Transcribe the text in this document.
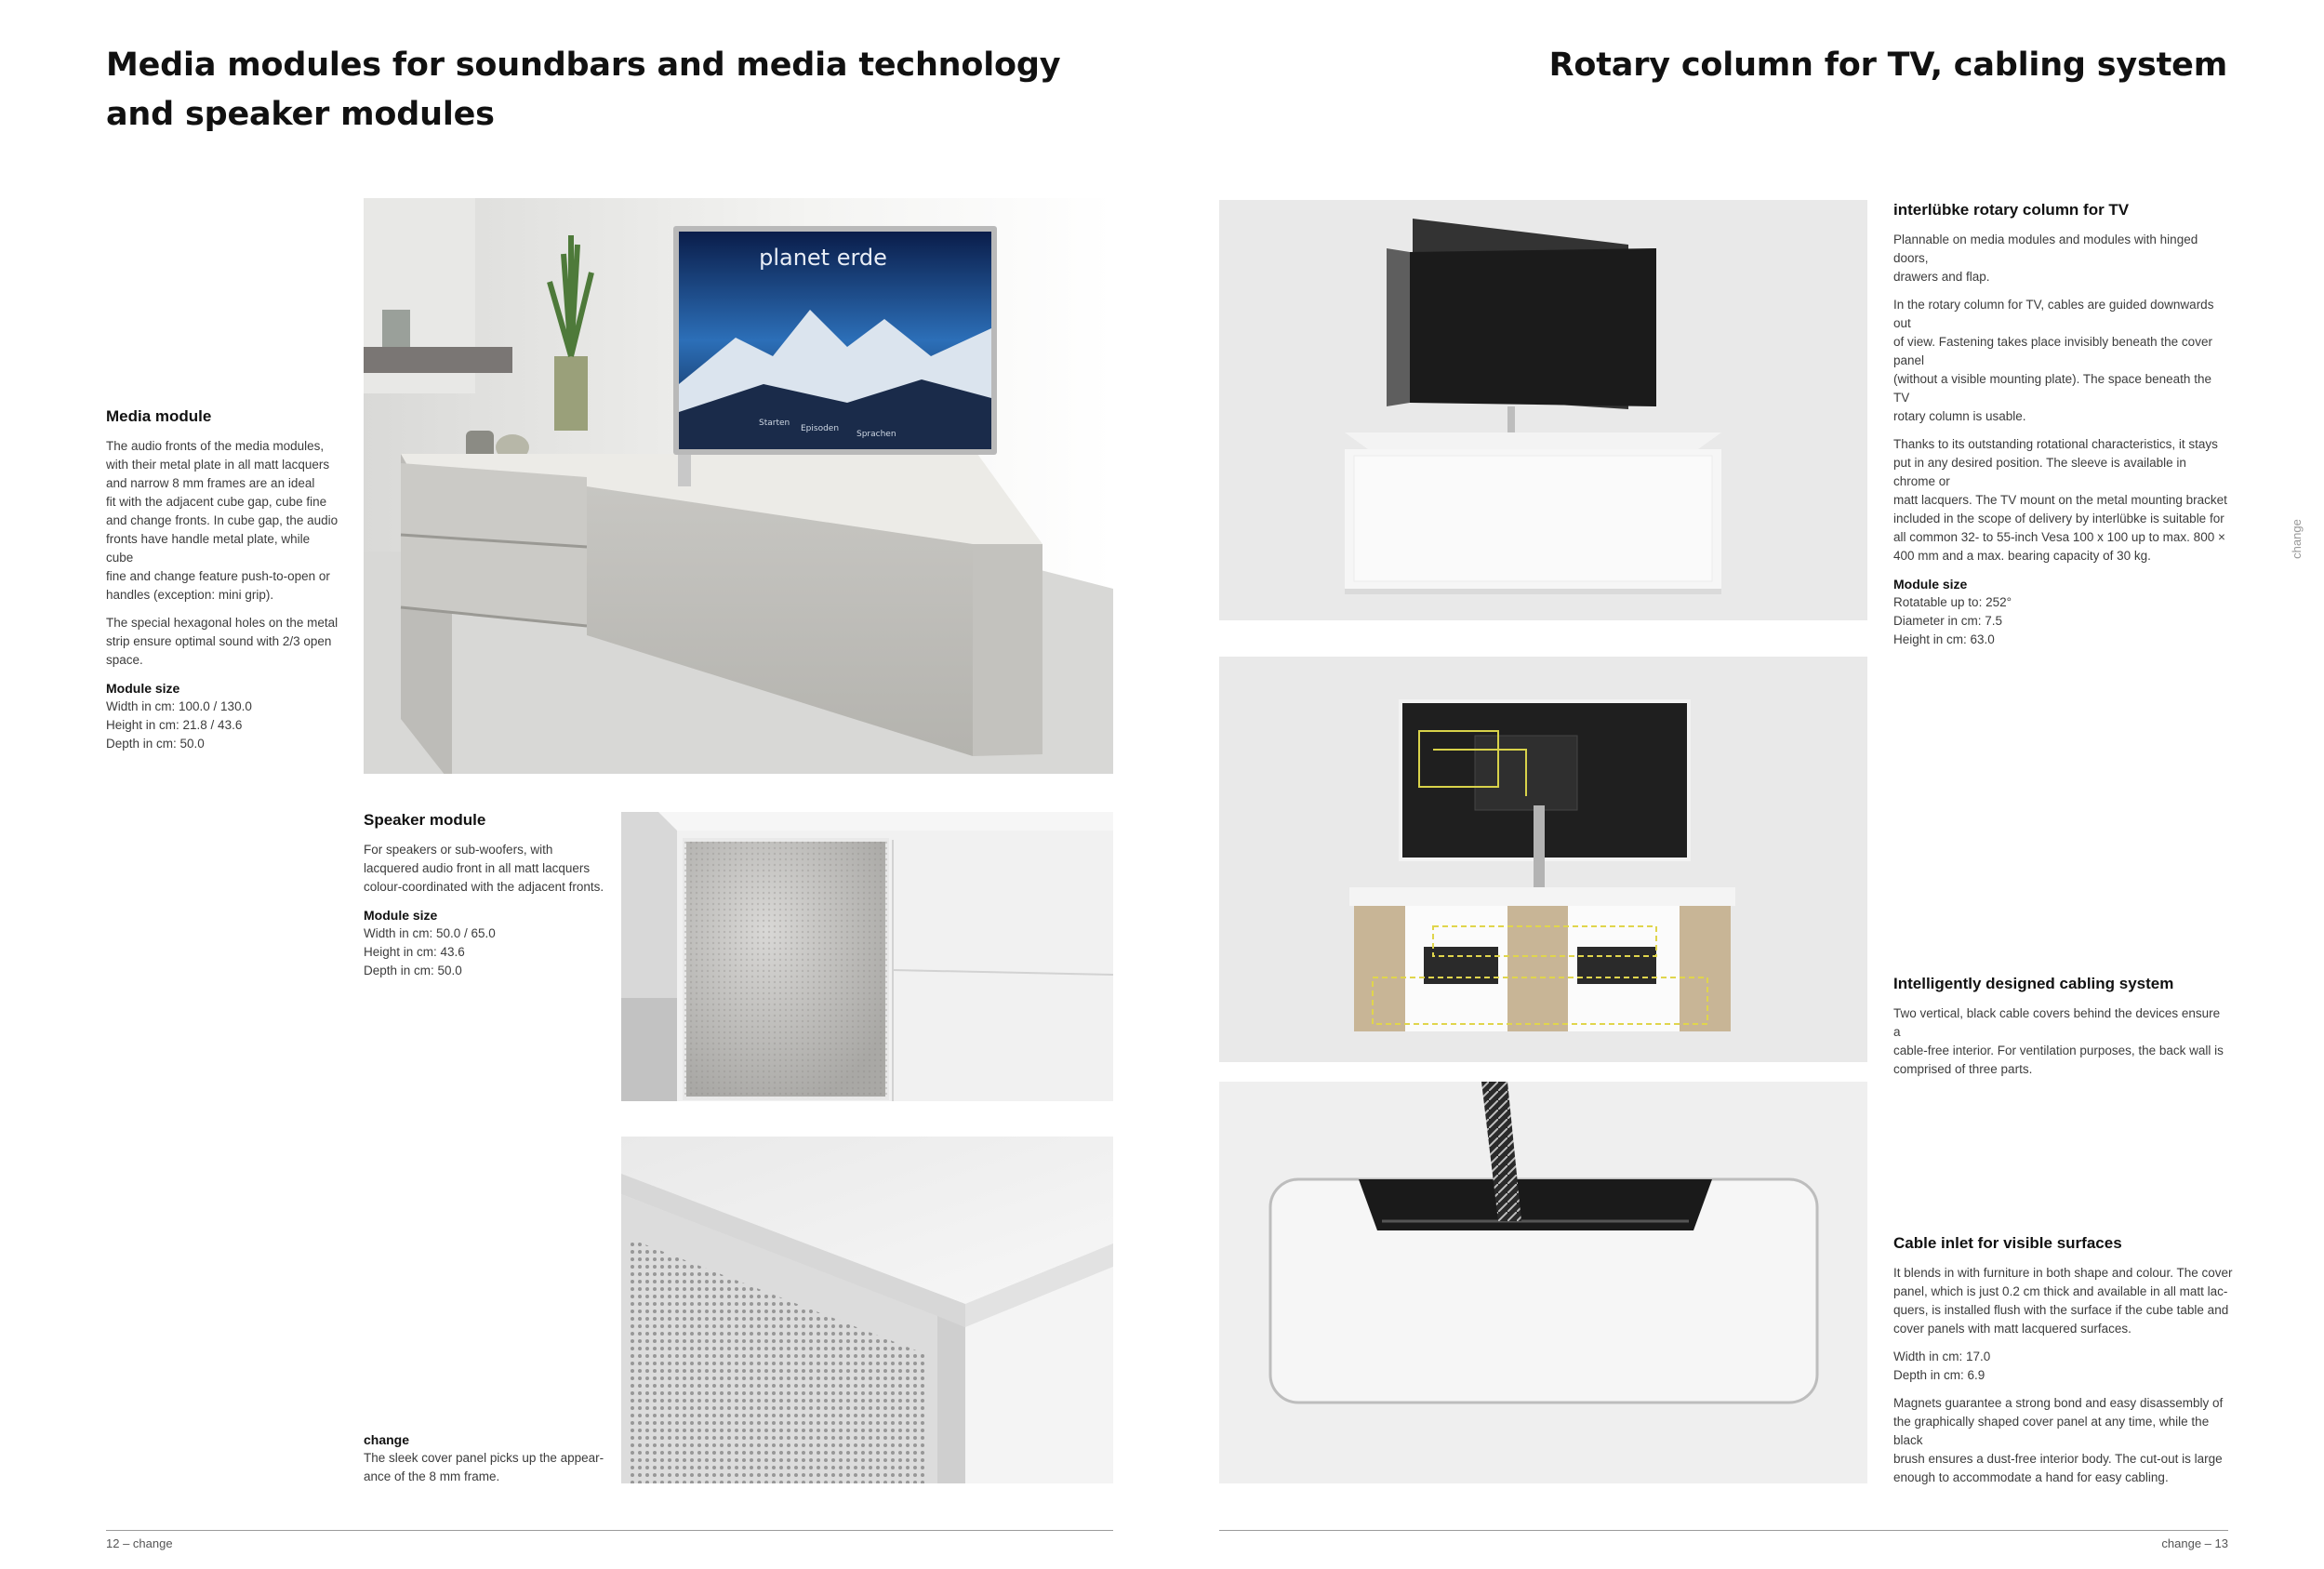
Media modules for soundbars and media technology and speaker modules
Media module

The audio fronts of the media modules,
with their metal plate in all matt lacquers
and narrow 8 mm frames are an ideal
fit with the adjacent cube gap, cube fine
and change fronts. In cube gap, the audio
fronts have handle metal plate, while cube
fine and change feature push-to-open or
handles (exception: mini grip).

The special hexagonal holes on the metal
strip ensure optimal sound with 2/3 open
space.

Module size
Width in cm: 100.0 / 130.0
Height in cm: 21.8 / 43.6
Depth in cm: 50.0
planet erde
Starten
Episoden
Sprachen
Speaker module

For speakers or sub-woofers, with
lacquered audio front in all matt lacquers
colour-coordinated with the adjacent fronts.

Module size
Width in cm: 50.0 / 65.0
Height in cm: 43.6
Depth in cm: 50.0
change

The sleek cover panel picks up the appear-
ance of the 8 mm frame.

12 – change
Rotary column for TV, cabling system
interlübke rotary column for TV

Plannable on media modules and modules with hinged doors,
drawers and flap.

In the rotary column for TV, cables are guided downwards out
of view. Fastening takes place invisibly beneath the cover panel
(without a visible mounting plate). The space beneath the TV
rotary column is usable.

Thanks to its outstanding rotational characteristics, it stays
put in any desired position. The sleeve is available in chrome or
matt lacquers. The TV mount on the metal mounting bracket
included in the scope of delivery by interlübke is suitable for
all common 32- to 55-inch Vesa 100 x 100 up to max. 800 ×
400 mm and a max. bearing capacity of 30 kg.

Module size
Rotatable up to: 252°
Diameter in cm: 7.5
Height in cm: 63.0
Intelligently designed cabling system

Two vertical, black cable covers behind the devices ensure a
cable-free interior. For ventilation purposes, the back wall is
comprised of three parts.

Cable inlet for visible surfaces

It blends in with furniture in both shape and colour. The cover
panel, which is just 0.2 cm thick and available in all matt lac-
quers, is installed flush with the surface if the cube table and
cover panels with matt lacquered surfaces.

Width in cm: 17.0
Depth in cm: 6.9

Magnets guarantee a strong bond and easy disassembly of
the graphically shaped cover panel at any time, while the black
brush ensures a dust-free interior body. The cut-out is large
enough to accommodate a hand for easy cabling.

change
change – 13
